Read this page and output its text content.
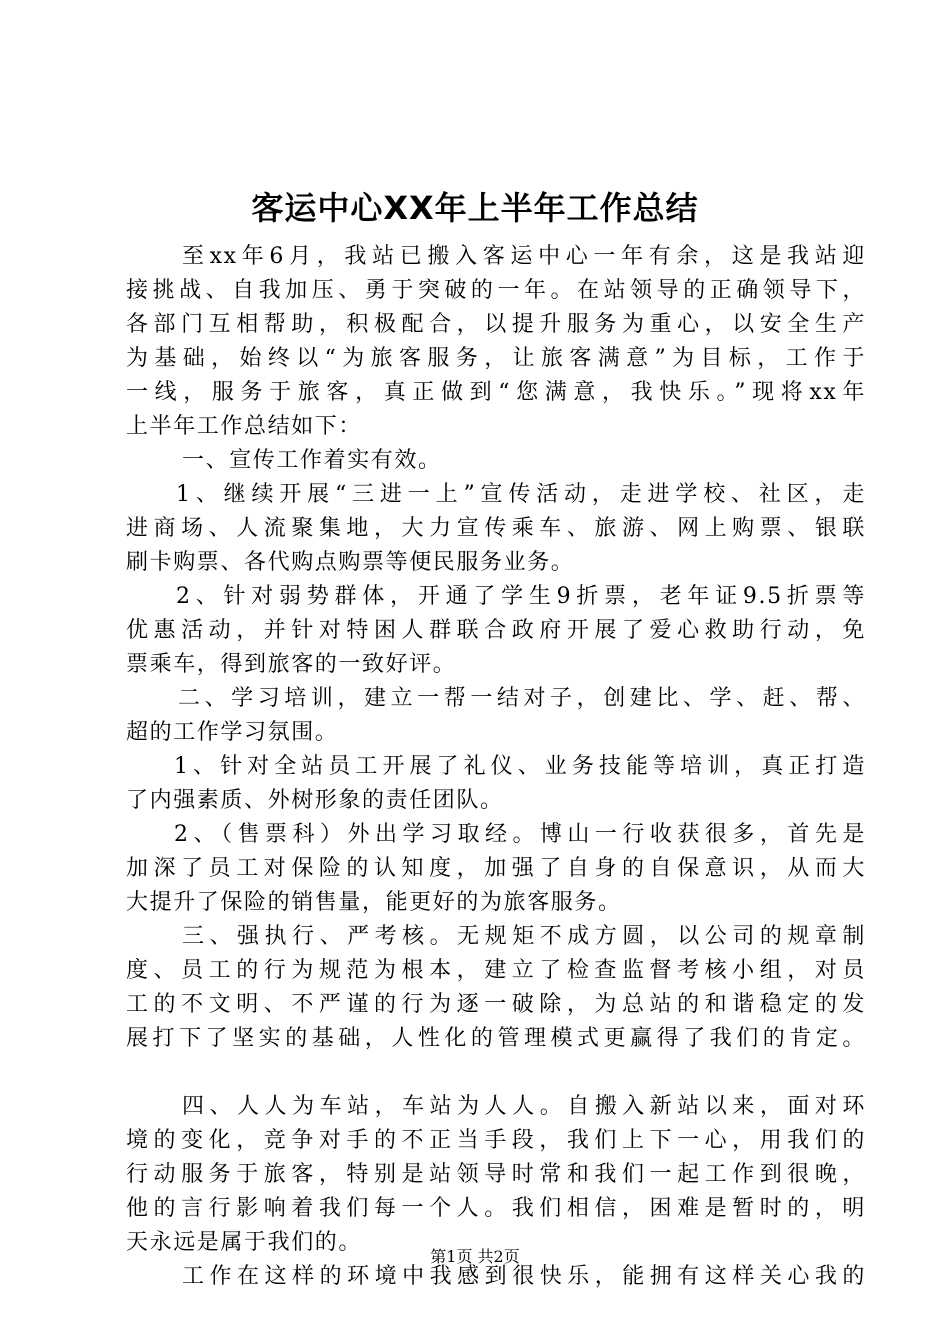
客运中心XX年上半年工作总结
至xx年6月，我站已搬入客运中心一年有余，这是我站迎
接挑战、自我加压、勇于突破的一年。在站领导的正确领导下，
各部门互相帮助，积极配合，以提升服务为重心，以安全生产
为基础，始终以“为旅客服务，让旅客满意”为目标，工作于
一线，服务于旅客，真正做到“您满意，我快乐。”现将xx年
上半年工作总结如下：
一、宣传工作着实有效。
1、继续开展“三进一上”宣传活动，走进学校、社区，走
进商场、人流聚集地，大力宣传乘车、旅游、网上购票、银联
刷卡购票、各代购点购票等便民服务业务。
2、针对弱势群体，开通了学生9折票，老年证9.5折票等
优惠活动，并针对特困人群联合政府开展了爱心救助行动，免
票乘车，得到旅客的一致好评。
二、学习培训，建立一帮一结对子，创建比、学、赶、帮、
超的工作学习氛围。
1、针对全站员工开展了礼仪、业务技能等培训，真正打造
了内强素质、外树形象的责任团队。
2、（售票科）外出学习取经。博山一行收获很多，首先是
加深了员工对保险的认知度，加强了自身的自保意识，从而大
大提升了保险的销售量，能更好的为旅客服务。
三、强执行、严考核。无规矩不成方圆，以公司的规章制
度、员工的行为规范为根本，建立了检查监督考核小组，对员
工的不文明、不严谨的行为逐一破除，为总站的和谐稳定的发
展打下了坚实的基础，人性化的管理模式更赢得了我们的肯定。
四、人人为车站，车站为人人。自搬入新站以来，面对环
境的变化，竞争对手的不正当手段，我们上下一心，用我们的
行动服务于旅客，特别是站领导时常和我们一起工作到很晚，
他的言行影响着我们每一个人。我们相信，困难是暂时的，明
天永远是属于我们的。
工作在这样的环境中我感到很快乐，能拥有这样关心我的
第1页 共2页
